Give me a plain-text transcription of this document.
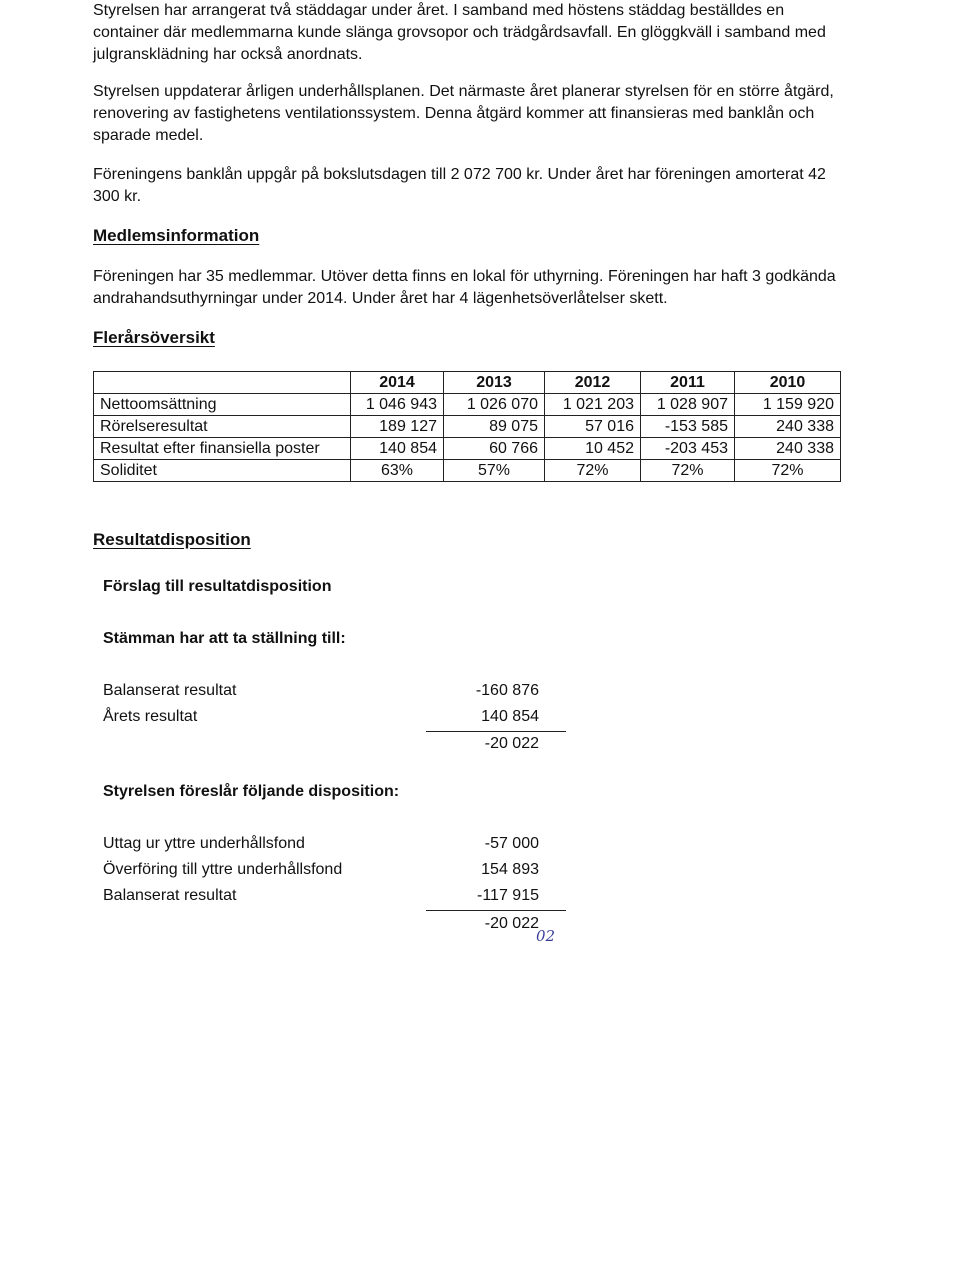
Styrelsen har arrangerat två städdagar under året. I samband med höstens städdag beställdes en container där medlemmarna kunde slänga grovsopor och trädgårdsavfall. En glöggkväll i samband med julgransklädning har också anordnats.

Styrelsen uppdaterar årligen underhållsplanen. Det närmaste året planerar styrelsen för en större åtgärd, renovering av fastighetens ventilationssystem. Denna åtgärd kommer att finansieras med banklån och sparade medel.

Föreningens banklån uppgår på bokslutsdagen till 2 072 700 kr. Under året har föreningen amorterat 42 300 kr.

Medlemsinformation

Föreningen har 35 medlemmar. Utöver detta finns en lokal för uthyrning. Föreningen har haft 3 godkända andrahandsuthyrningar under 2014. Under året har 4 lägenhetsöverlåtelser skett.

Flerårsöversikt
	2014	2013	2012	2011	2010
Nettoomsättning	1 046 943	1 026 070	1 021 203	1 028 907	1 159 920
Rörelseresultat	189 127	89 075	57 016	-153 585	240 338
Resultat efter finansiella poster	140 854	60 766	10 452	-203 453	240 338
Soliditet	63%	57%	72%	72%	72%
Resultatdisposition

Förslag till resultatdisposition

Stämman har att ta ställning till:

Balanserat resultat	-160 876
Årets resultat	140 854
-20 022

Styrelsen föreslår följande disposition:

Uttag ur yttre underhållsfond	-57 000
Överföring till yttre underhållsfond	154 893
Balanserat resultat	-117 915
-20 022
02
